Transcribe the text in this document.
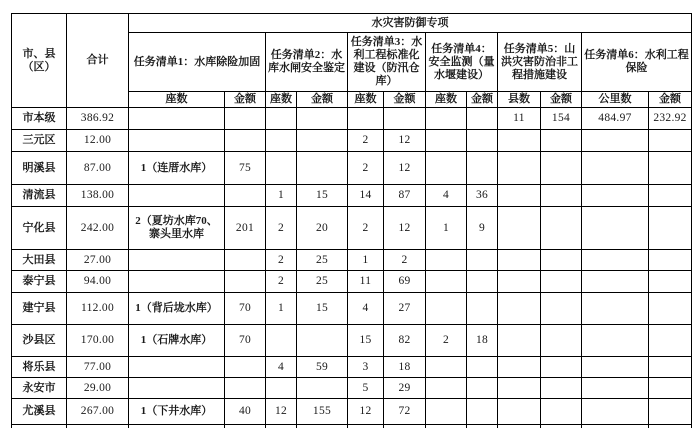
市、县（区）	合计	水灾害防御专项											
		任务清单1：水库除险加固		任务清单2：水库水闸安全鉴定		任务清单3：水利工程标准化建设（防汛仓库）		任务清单4：安全监测（量水堰建设）		任务清单5：山洪灾害防治非工程措施建设		任务清单6：水利工程保险	
		座数	金额	座数	金额	座数	金额	座数	金额	县数	金额	公里数	金额
市本级	386.92									11	154	484.97	232.92
三元区	12.00					2	12						
明溪县	87.00	1（连厝水库）	75			2	12						
清流县	138.00			1	15	14	87	4	36				
宁化县	242.00	2（夏坊水库70、寨头里水库	201	2	20	2	12	1	9				
大田县	27.00			2	25	1	2						
泰宁县	94.00			2	25	11	69						
建宁县	112.00	1（背后垅水库）	70	1	15	4	27						
沙县区	170.00	1（石牌水库）	70			15	82	2	18				
将乐县	77.00			4	59	3	18						
永安市	29.00					5	29						
尤溪县	267.00	1（下井水库）	40	12	155	12	72						
